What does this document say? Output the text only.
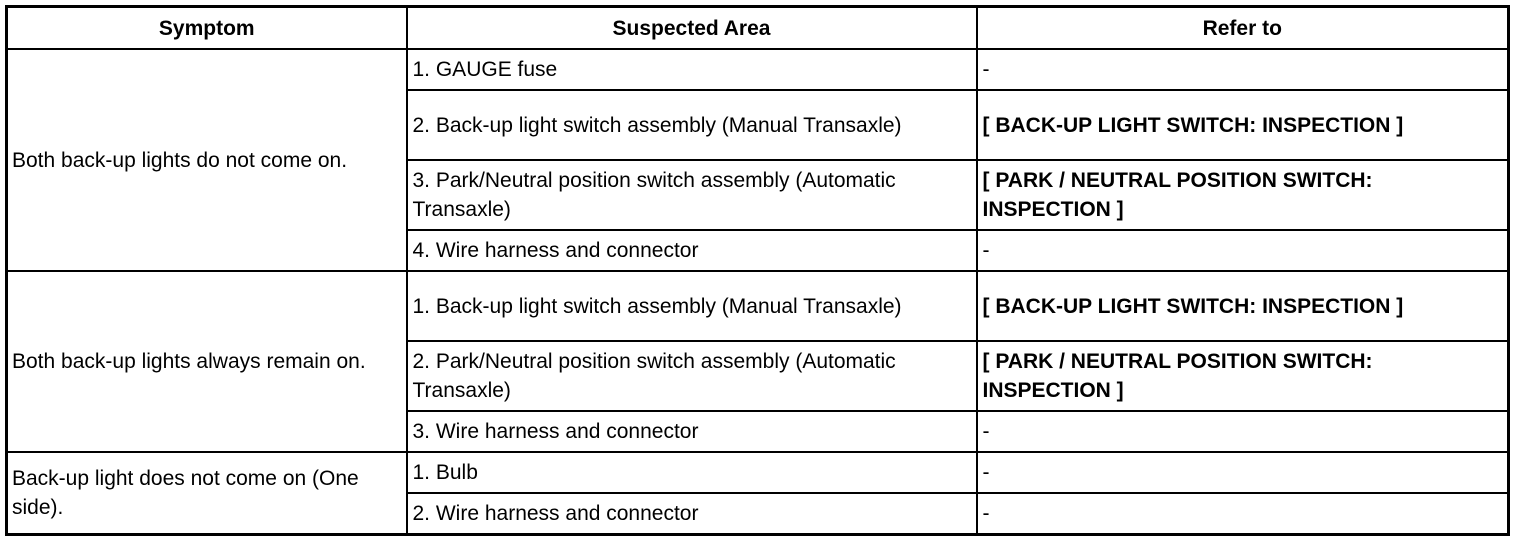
Symptom	Suspected Area	Refer to
Both back-up lights do not come on.	1. GAUGE fuse	-
	2. Back-up light switch assembly (Manual Transaxle)	[ BACK-UP LIGHT SWITCH: INSPECTION ]
	3. Park/Neutral position switch assembly (Automatic Transaxle)	[ PARK / NEUTRAL POSITION SWITCH: INSPECTION ]
	4. Wire harness and connector	-
Both back-up lights always remain on.	1. Back-up light switch assembly (Manual Transaxle)	[ BACK-UP LIGHT SWITCH: INSPECTION ]
	2. Park/Neutral position switch assembly (Automatic Transaxle)	[ PARK / NEUTRAL POSITION SWITCH: INSPECTION ]
	3. Wire harness and connector	-
Back-up light does not come on (One side).	1. Bulb	-
	2. Wire harness and connector	-
